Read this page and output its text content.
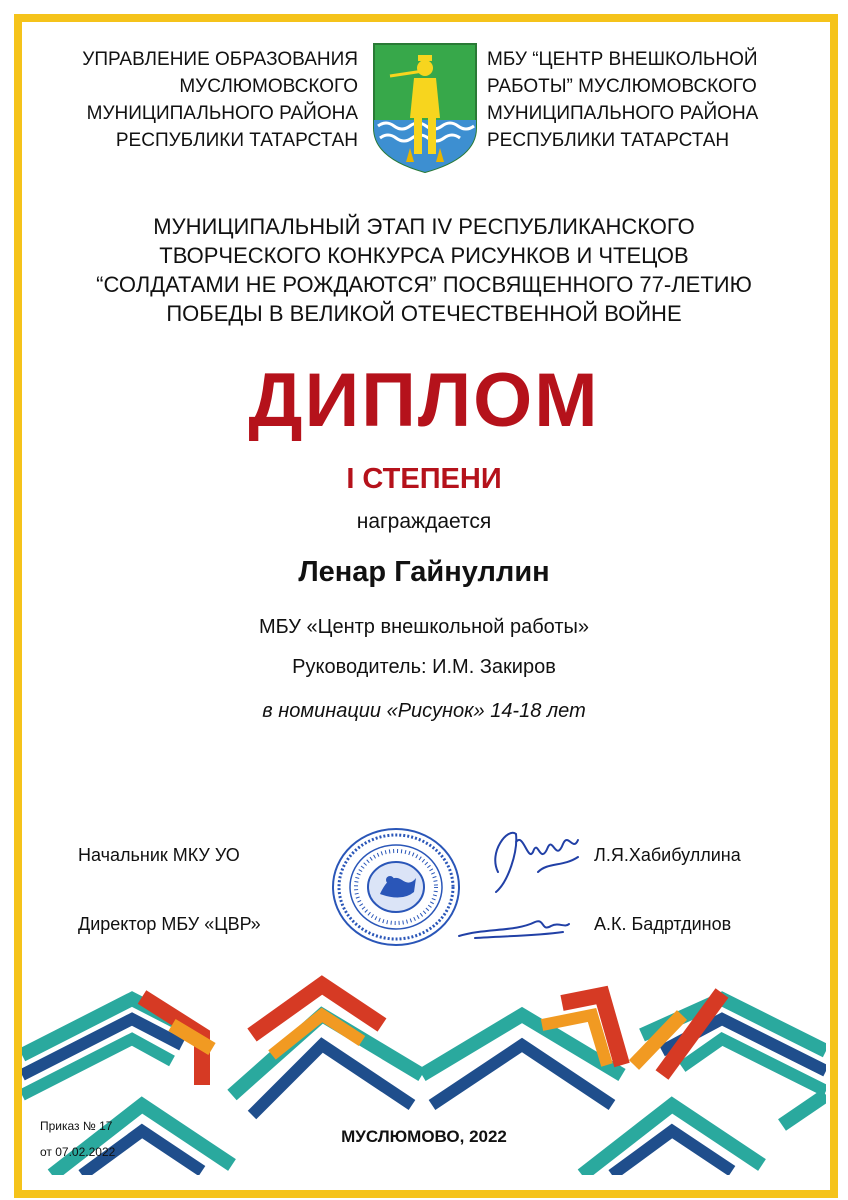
УПРАВЛЕНИЕ ОБРАЗОВАНИЯ
МУСЛЮМОВСКОГО
МУНИЦИПАЛЬНОГО РАЙОНА
РЕСПУБЛИКИ ТАТАРСТАН
МБУ “ЦЕНТР ВНЕШКОЛЬНОЙ
РАБОТЫ” МУСЛЮМОВСКОГО
МУНИЦИПАЛЬНОГО РАЙОНА
РЕСПУБЛИКИ ТАТАРСТАН
МУНИЦИПАЛЬНЫЙ ЭТАП IV РЕСПУБЛИКАНСКОГО
ТВОРЧЕСКОГО КОНКУРСА РИСУНКОВ И ЧТЕЦОВ
“СОЛДАТАМИ НЕ РОЖДАЮТСЯ” ПОСВЯЩЕННОГО 77-ЛЕТИЮ
ПОБЕДЫ В ВЕЛИКОЙ ОТЕЧЕСТВЕННОЙ ВОЙНЕ
ДИПЛОМ
I СТЕПЕНИ
награждается
Ленар Гайнуллин
МБУ «Центр внешкольной работы»
Руководитель: И.М. Закиров
в номинации «Рисунок» 14-18 лет
Начальник МКУ УО
Директор МБУ «ЦВР»
Л.Я.Хабибуллина
А.К. Бадртдинов
Приказ № 17
от 07.02.2022
МУСЛЮМОВО, 2022
